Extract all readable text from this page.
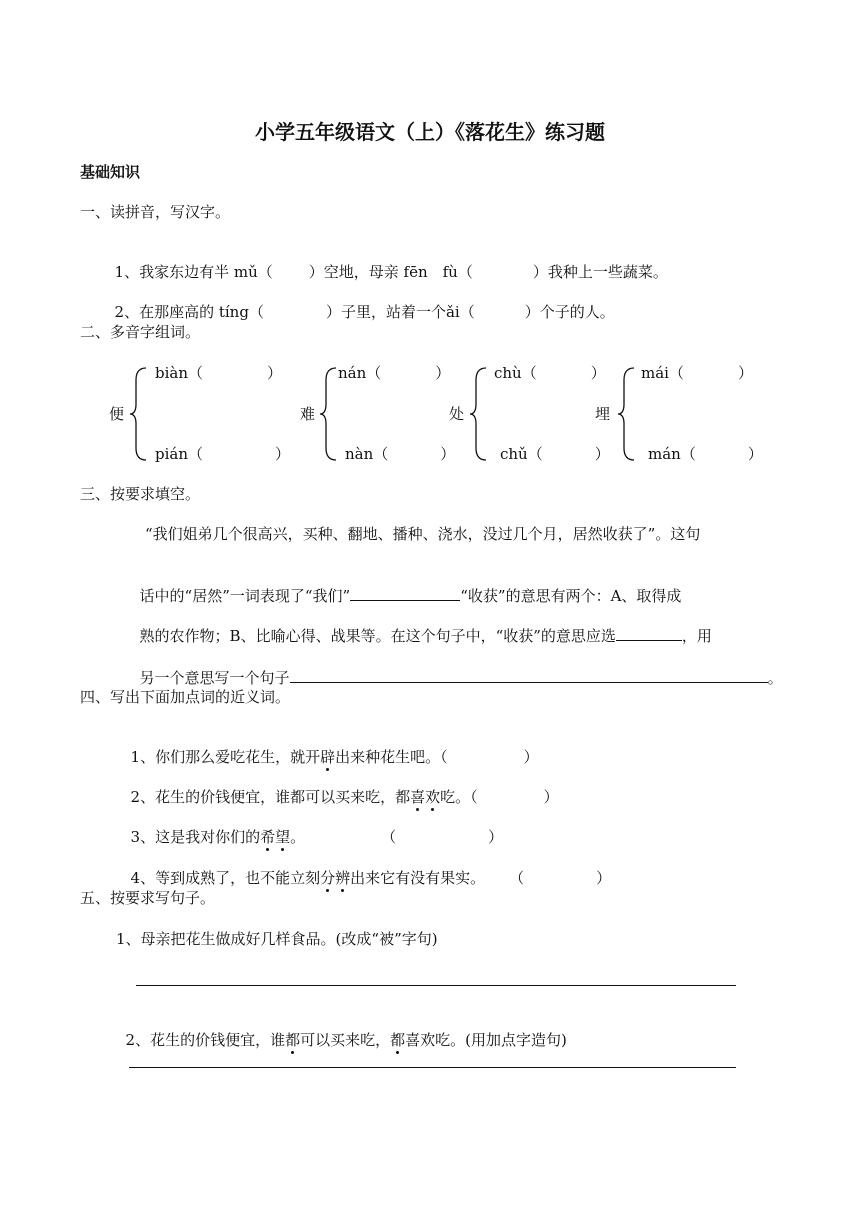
小学五年级语文（上）《落花生》练习题
基础知识
一、读拼音，写汉字。

1、我家东边有半 mǔ（ ）空地，母亲 fēn　fù（	）我种上一些蔬菜。

2、在那座高的 tíng（	）子里，站着一个ǎi（	）个子的人。

二、多音字组词。
便
biàn（	）
pián（	）
难
nán（	）
nàn（	）
处
chù（	）
chǔ（	）
埋
mái（	）
mán（	）
三、按要求填空。
“我们姐弟几个很高兴，买种、翻地、播种、浇水，没过几个月，居然收获了”。这句

话中的“居然”一词表现了“我们”	“收获”的意思有两个：A、取得成

熟的农作物；B、比喻心得、战果等。在这个句子中，“收获”的意思应选	，用

另一个意思写一个句子	。

四、写出下面加点词的近义词。

1、你们那么爱吃花生，就开辟出来种花生吧。（	）

2、花生的价钱便宜，谁都可以买来吃，都喜欢吃。（	）

3、这是我对你们的希望。	（	）

4、等到成熟了，也不能立刻分辨出来它有没有果实。 （	）

五、按要求写句子。
1、母亲把花生做成好几样食品。(改成“被”字句)

2、花生的价钱便宜，谁都可以买来吃，都喜欢吃。(用加点字造句)
